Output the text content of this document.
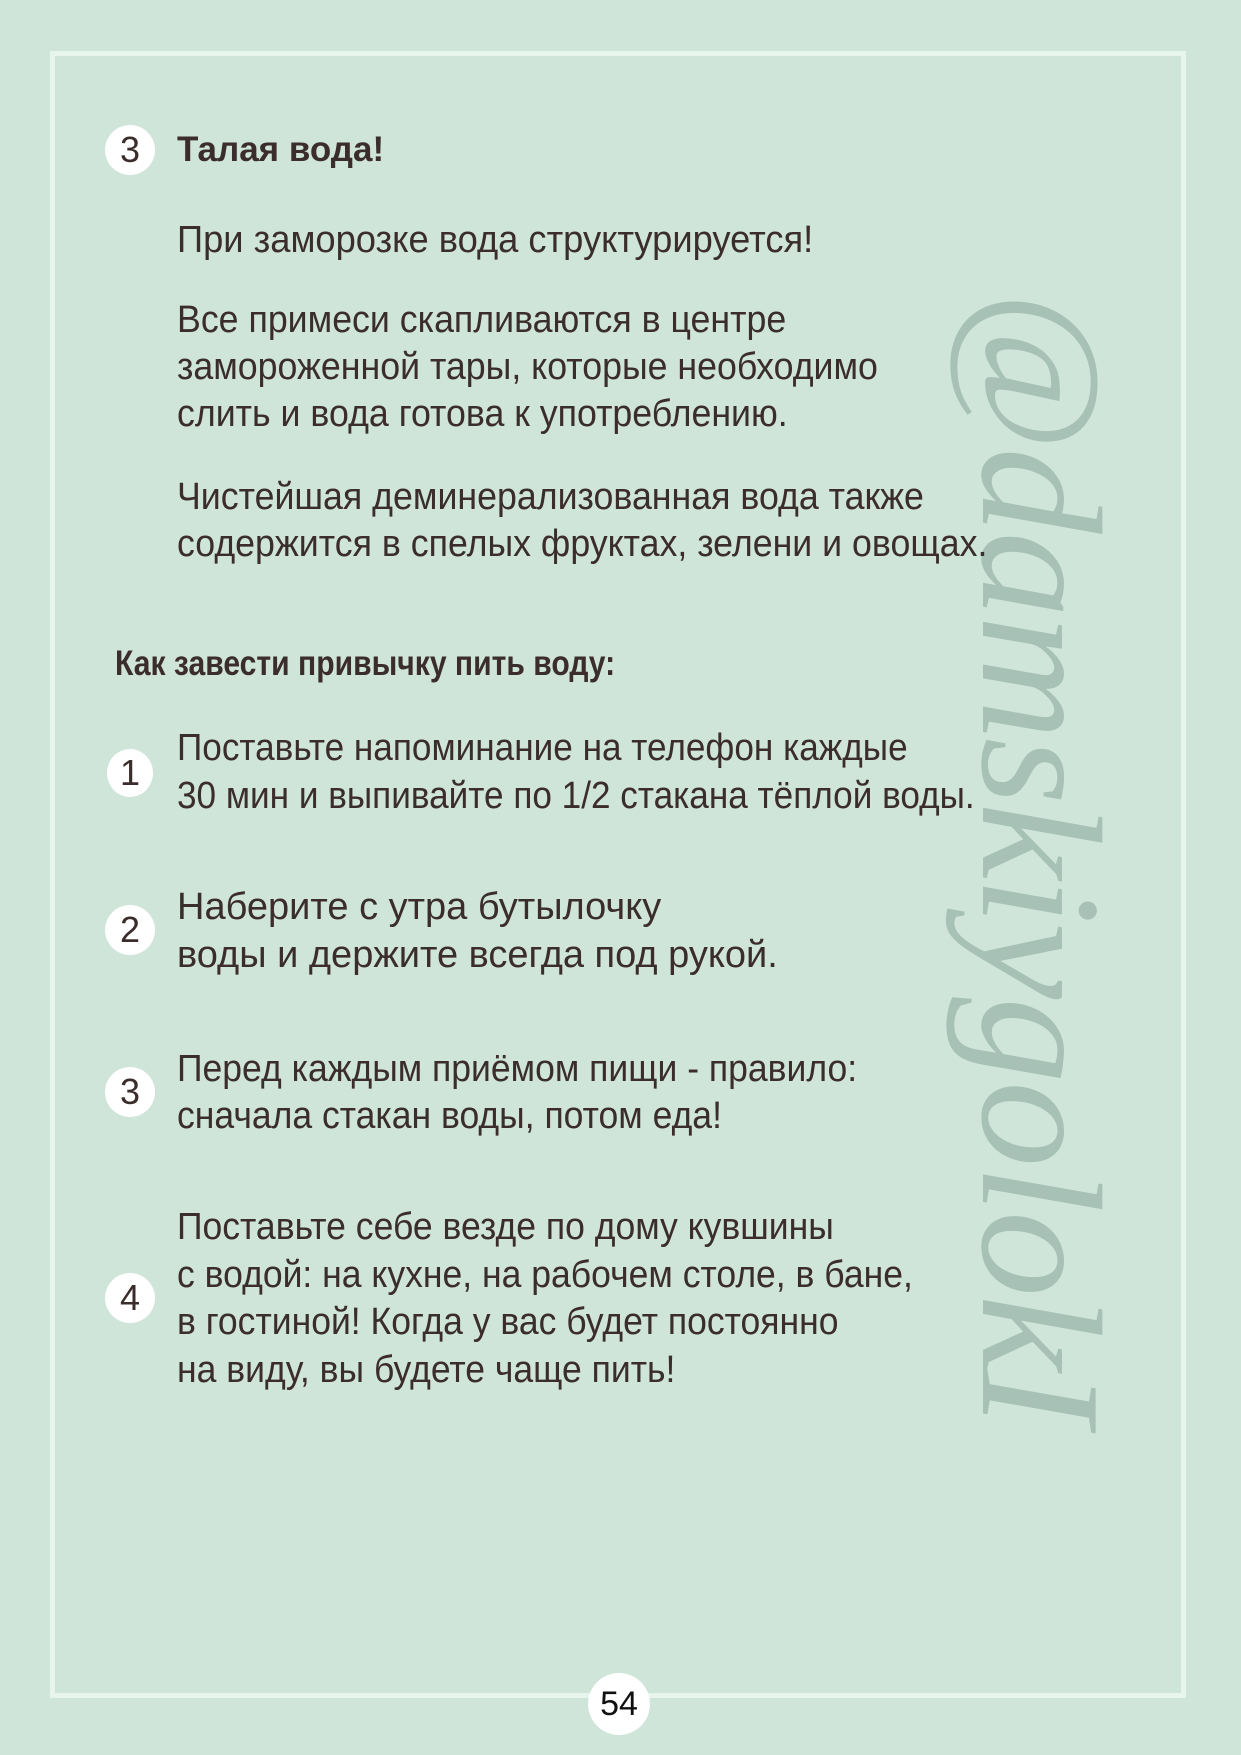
@damskiygolokI
3	Талая вода!
При заморозке вода структурируется!
Все примеси скапливаются в центре
замороженной тары, которые необходимо
слить и вода готова к употреблению.
Чистейшая деминерализованная вода также
содержится в спелых фруктах, зелени и овощах.
Как завести привычку пить воду:
1
Поставьте напоминание на телефон каждые
30 мин и выпивайте по 1/2 стакана тёплой воды.
2
Наберите с утра бутылочку
воды и держите всегда под рукой.
3
Перед каждым приёмом пищи - правило:
сначала стакан воды, потом еда!
4
Поставьте себе везде по дому кувшины
с водой: на кухне, на рабочем столе, в бане,
в гостиной! Когда у вас будет постоянно
на виду, вы будете чаще пить!
54
